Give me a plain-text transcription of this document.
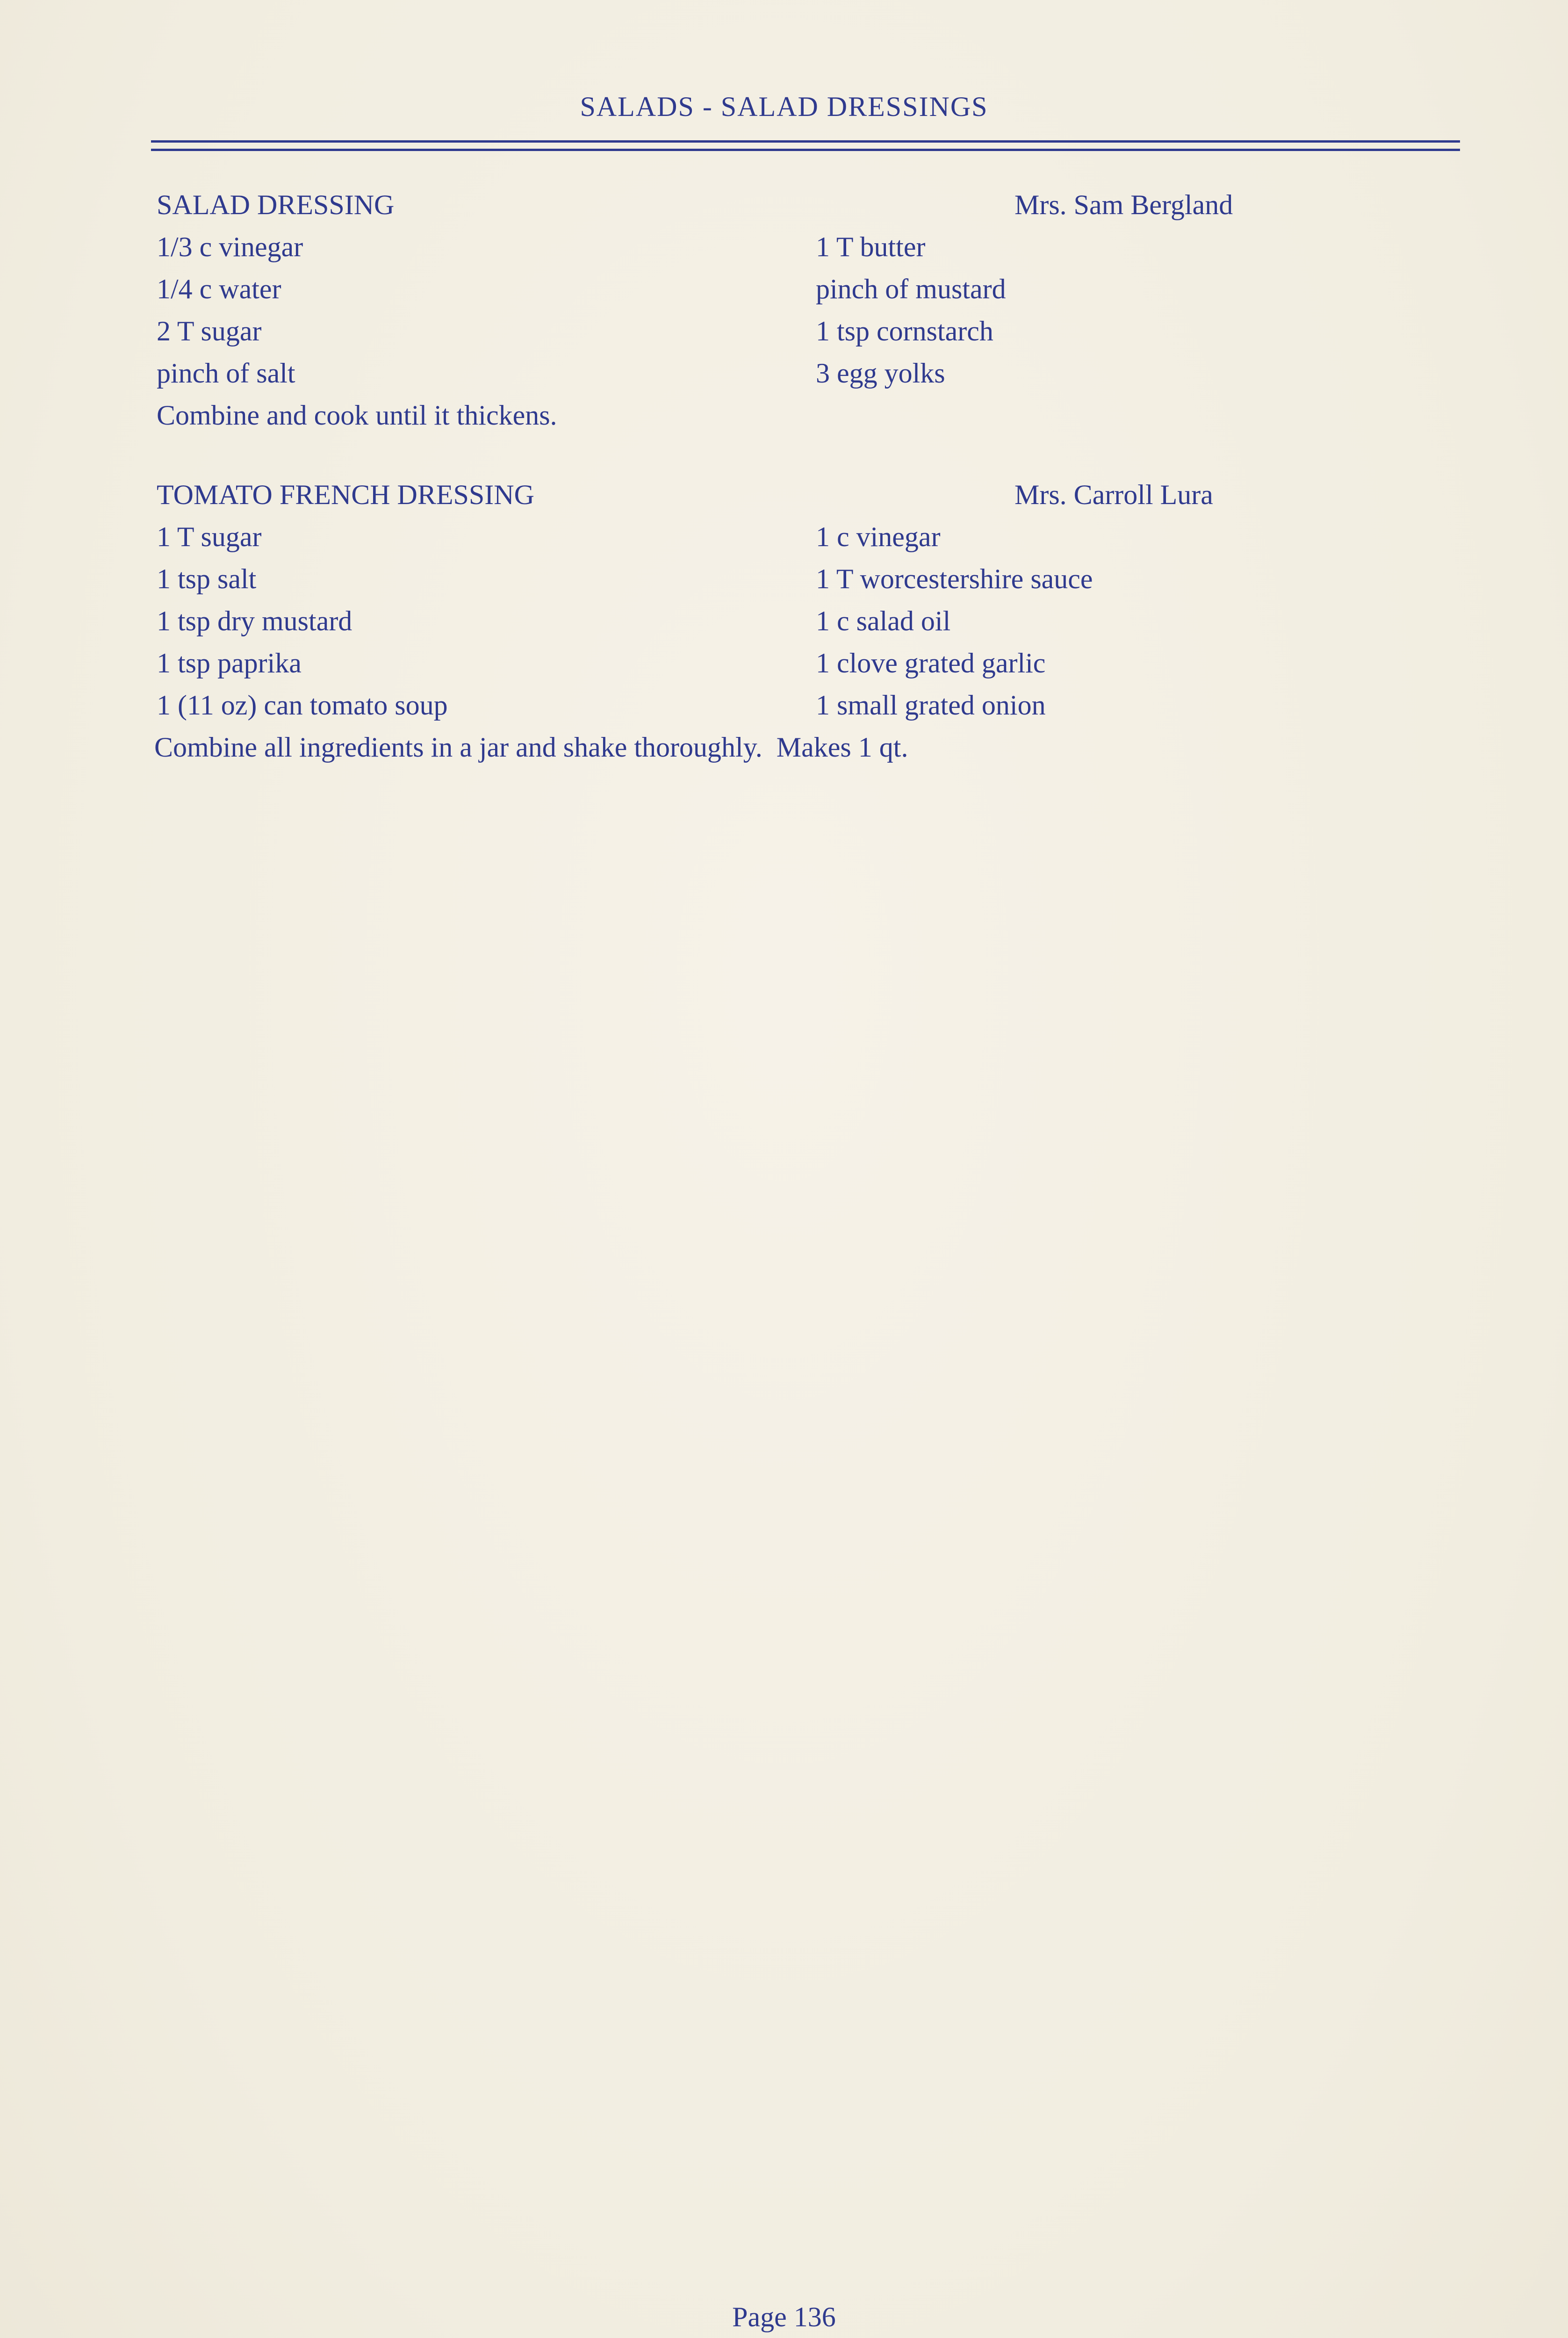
SALADS - SALAD DRESSINGS
SALAD DRESSING	Mrs. Sam Bergland
1/3 c vinegar
1/4 c water
2 T sugar
pinch of salt
1 T butter
pinch of mustard
1 tsp cornstarch
3 egg yolks
Combine and cook until it thickens.
TOMATO FRENCH DRESSING	Mrs. Carroll Lura
1 T sugar
1 tsp salt
1 tsp dry mustard
1 tsp paprika
1 (11 oz) can tomato soup
1 c vinegar
1 T worcestershire sauce
1 c salad oil
1 clove grated garlic
1 small grated onion
Combine all ingredients in a jar and shake thoroughly.  Makes 1 qt.
Page 136
